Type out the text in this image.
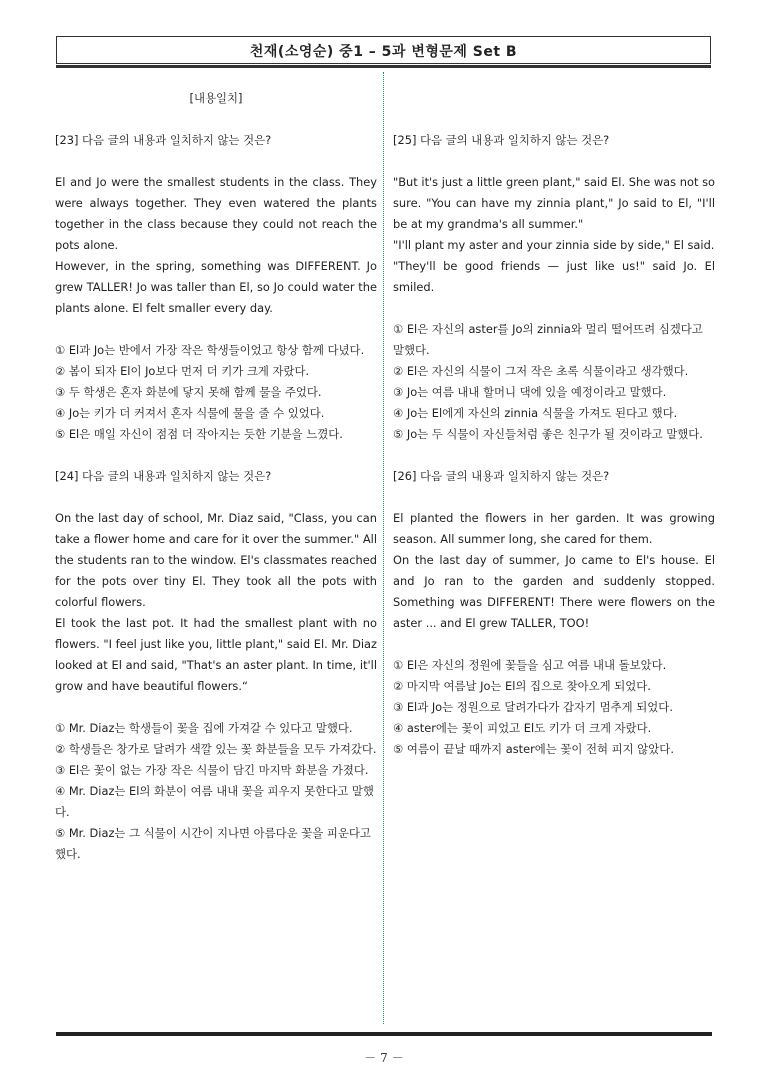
천재(소영순) 중1 – 5과 변형문제 Set B

[내용일치]

[23] 다음 글의 내용과 일치하지 않는 것은?

El and Jo were the smallest students in the class. They were always together. They even watered the plants together in the class because they could not reach the pots alone.

However, in the spring, something was DIFFERENT. Jo grew TALLER! Jo was taller than El, so Jo could water the plants alone. El felt smaller every day.

① El과 Jo는 반에서 가장 작은 학생들이었고 항상 함께 다녔다.

② 봄이 되자 El이 Jo보다 먼저 더 키가 크게 자랐다.

③ 두 학생은 혼자 화분에 닿지 못해 함께 물을 주었다.

④ Jo는 키가 더 커져서 혼자 식물에 물을 줄 수 있었다.

⑤ El은 매일 자신이 점점 더 작아지는 듯한 기분을 느꼈다.

[24] 다음 글의 내용과 일치하지 않는 것은?

On the last day of school, Mr. Diaz said, "Class, you can take a flower home and care for it over the summer." All the students ran to the window. El's classmates reached for the pots over tiny El. They took all the pots with colorful flowers.

El took the last pot. It had the smallest plant with no flowers. "I feel just like you, little plant," said El. Mr. Diaz looked at El and said, "That's an aster plant. In time, it'll grow and have beautiful flowers.“

① Mr. Diaz는 학생들이 꽃을 집에 가져갈 수 있다고 말했다.

② 학생들은 창가로 달려가 색깔 있는 꽃 화분들을 모두 가져갔다.

③ El은 꽃이 없는 가장 작은 식물이 담긴 마지막 화분을 가졌다.

④ Mr. Diaz는 El의 화분이 여름 내내 꽃을 피우지 못한다고 말했다.

⑤ Mr. Diaz는 그 식물이 시간이 지나면 아름다운 꽃을 피운다고 했다.

[25] 다음 글의 내용과 일치하지 않는 것은?

"But it's just a little green plant," said El. She was not so sure. "You can have my zinnia plant," Jo said to El, "I'll be at my grandma's all summer."

"I'll plant my aster and your zinnia side by side," El said.

"They'll be good friends — just like us!" said Jo. El smiled.

① El은 자신의 aster를 Jo의 zinnia와 멀리 떨어뜨려 심겠다고 말했다.

② El은 자신의 식물이 그저 작은 초록 식물이라고 생각했다.

③ Jo는 여름 내내 할머니 댁에 있을 예정이라고 말했다.

④ Jo는 El에게 자신의 zinnia 식물을 가져도 된다고 했다.

⑤ Jo는 두 식물이 자신들처럼 좋은 친구가 될 것이라고 말했다.

[26] 다음 글의 내용과 일치하지 않는 것은?

El planted the flowers in her garden. It was growing season. All summer long, she cared for them.

On the last day of summer, Jo came to El's house. El and Jo ran to the garden and suddenly stopped. Something was DIFFERENT! There were flowers on the aster ... and El grew TALLER, TOO!

① El은 자신의 정원에 꽃들을 심고 여름 내내 돌보았다.

② 마지막 여름날 Jo는 El의 집으로 찾아오게 되었다.

③ El과 Jo는 정원으로 달려가다가 갑자기 멈추게 되었다.

④ aster에는 꽃이 피었고 El도 키가 더 크게 자랐다.

⑤ 여름이 끝날 때까지 aster에는 꽃이 전혀 피지 않았다.

－ 7 －
